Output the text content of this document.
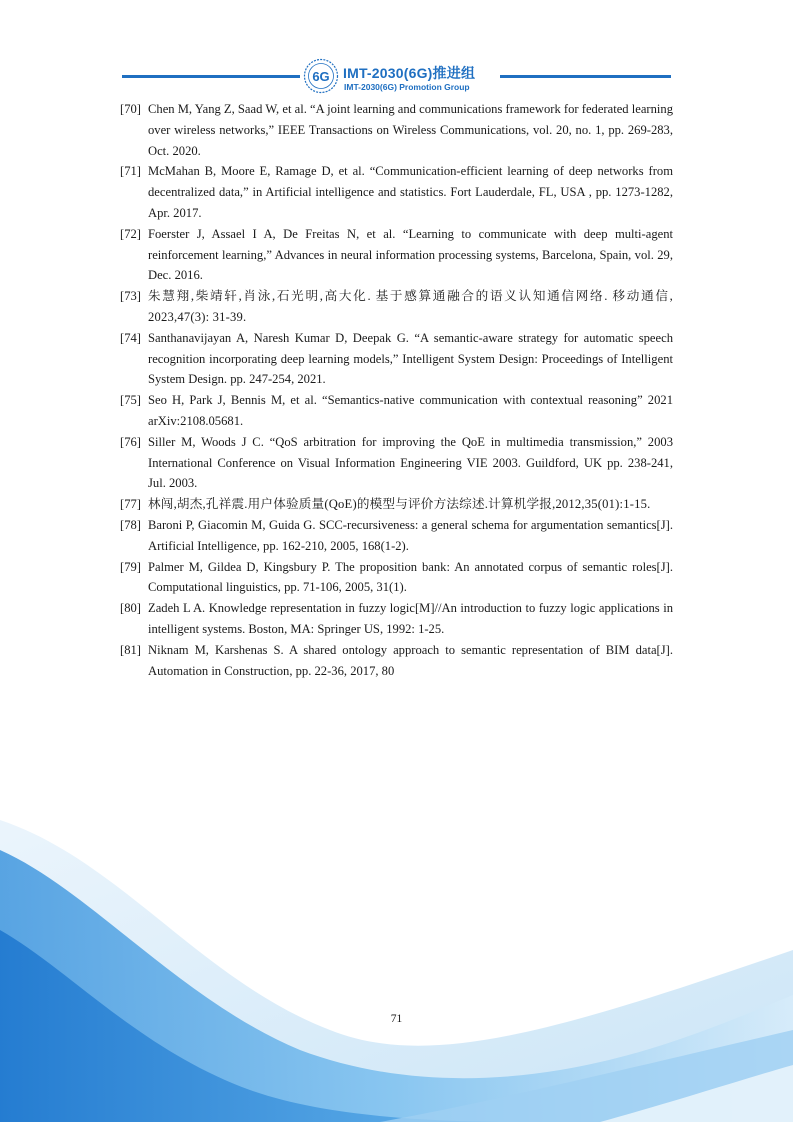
6G IMT-2030(6G)推进组
IMT-2030(6G) Promotion Group
[70] Chen M, Yang Z, Saad W, et al. “A joint learning and communications framework for federated learning over wireless networks,” IEEE Transactions on Wireless Communications, vol. 20, no. 1, pp. 269-283, Oct. 2020.
[71] McMahan B, Moore E, Ramage D, et al. “Communication-efficient learning of deep networks from decentralized data,” in Artificial intelligence and statistics. Fort Lauderdale, FL, USA , pp. 1273-1282, Apr. 2017.
[72] Foerster J, Assael I A, De Freitas N, et al. “Learning to communicate with deep multi-agent reinforcement learning,” Advances in neural information processing systems, Barcelona, Spain, vol. 29, Dec. 2016.
[73] 朱慧翔,柴靖轩,肖泳,石光明,高大化. 基于感算通融合的语义认知通信网络. 移动通信, 2023,47(3): 31-39.
[74] Santhanavijayan A, Naresh Kumar D, Deepak G. “A semantic-aware strategy for automatic speech recognition incorporating deep learning models,” Intelligent System Design: Proceedings of Intelligent System Design. pp. 247-254, 2021.
[75] Seo H, Park J, Bennis M, et al. “Semantics-native communication with contextual reasoning” 2021 arXiv:2108.05681.
[76] Siller M, Woods J C. “QoS arbitration for improving the QoE in multimedia transmission,” 2003 International Conference on Visual Information Engineering VIE 2003. Guildford, UK pp. 238-241, Jul. 2003.
[77] 林闯,胡杰,孔祥震.用户体验质量(QoE)的模型与评价方法综述.计算机学报,2012,35(01):1-15.
[78] Baroni P, Giacomin M, Guida G. SCC-recursiveness: a general schema for argumentation semantics[J]. Artificial Intelligence, pp. 162-210, 2005, 168(1-2).
[79] Palmer M, Gildea D, Kingsbury P. The proposition bank: An annotated corpus of semantic roles[J]. Computational linguistics, pp. 71-106, 2005, 31(1).
[80] Zadeh L A. Knowledge representation in fuzzy logic[M]//An introduction to fuzzy logic applications in intelligent systems. Boston, MA: Springer US, 1992: 1-25.
[81] Niknam M, Karshenas S. A shared ontology approach to semantic representation of BIM data[J]. Automation in Construction, pp. 22-36, 2017, 80
71
